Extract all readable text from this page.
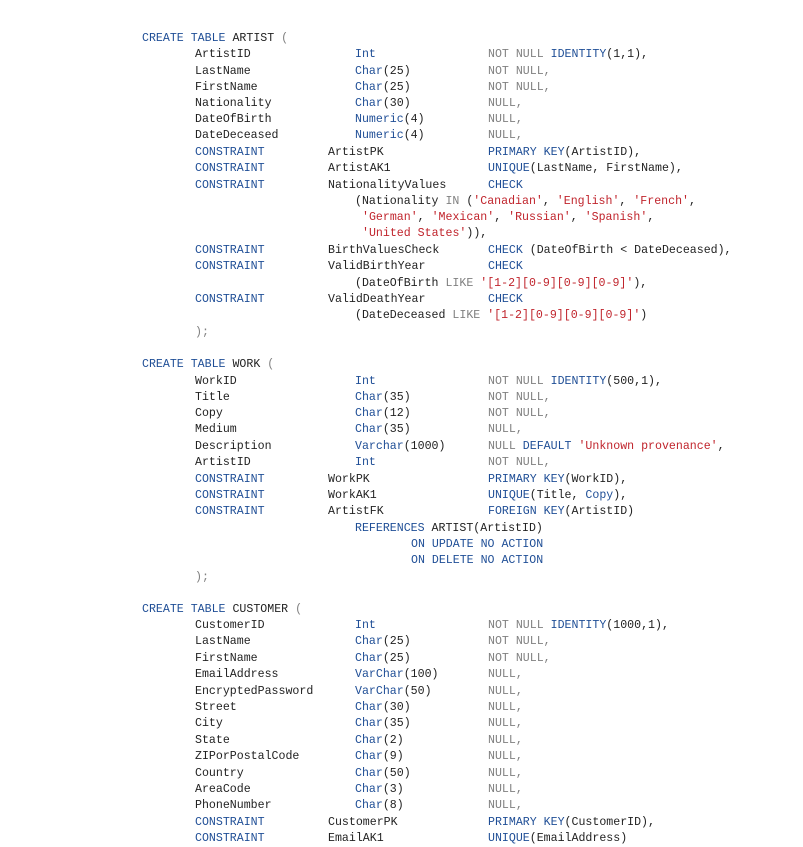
CREATE TABLE ARTIST (
ArtistID	Int	NOT NULL IDENTITY(1,1),
LastName	Char(25)	NOT NULL,
FirstName	Char(25)	NOT NULL,
Nationality	Char(30)	NULL,
DateOfBirth	Numeric(4)	NULL,
DateDeceased	Numeric(4)	NULL,
CONSTRAINT	ArtistPK	PRIMARY KEY(ArtistID),
CONSTRAINT	ArtistAK1	UNIQUE(LastName, FirstName),
CONSTRAINT	NationalityValues	CHECK
(Nationality IN ('Canadian', 'English', 'French',
'German', 'Mexican', 'Russian', 'Spanish',
'United States')),
CONSTRAINT	BirthValuesCheck	CHECK (DateOfBirth < DateDeceased),
CONSTRAINT	ValidBirthYear	CHECK
(DateOfBirth LIKE '[1-2][0-9][0-9][0-9]'),
CONSTRAINT	ValidDeathYear	CHECK
(DateDeceased LIKE '[1-2][0-9][0-9][0-9]')
);
CREATE TABLE WORK (
WorkID	Int	NOT NULL IDENTITY(500,1),
Title	Char(35)	NOT NULL,
Copy	Char(12)	NOT NULL,
Medium	Char(35)	NULL,
Description	Varchar(1000)	NULL DEFAULT 'Unknown provenance',
ArtistID	Int	NOT NULL,
CONSTRAINT	WorkPK	PRIMARY KEY(WorkID),
CONSTRAINT	WorkAK1	UNIQUE(Title, Copy),
CONSTRAINT	ArtistFK	FOREIGN KEY(ArtistID)
REFERENCES ARTIST(ArtistID)
ON UPDATE NO ACTION
ON DELETE NO ACTION
);
CREATE TABLE CUSTOMER (
CustomerID	Int	NOT NULL IDENTITY(1000,1),
LastName	Char(25)	NOT NULL,
FirstName	Char(25)	NOT NULL,
EmailAddress	VarChar(100)	NULL,
EncryptedPassword	VarChar(50)	NULL,
Street	Char(30)	NULL,
City	Char(35)	NULL,
State	Char(2)	NULL,
ZIPorPostalCode	Char(9)	NULL,
Country	Char(50)	NULL,
AreaCode	Char(3)	NULL,
PhoneNumber	Char(8)	NULL,
CONSTRAINT	CustomerPK	PRIMARY KEY(CustomerID),
CONSTRAINT	EmailAK1	UNIQUE(EmailAddress)
